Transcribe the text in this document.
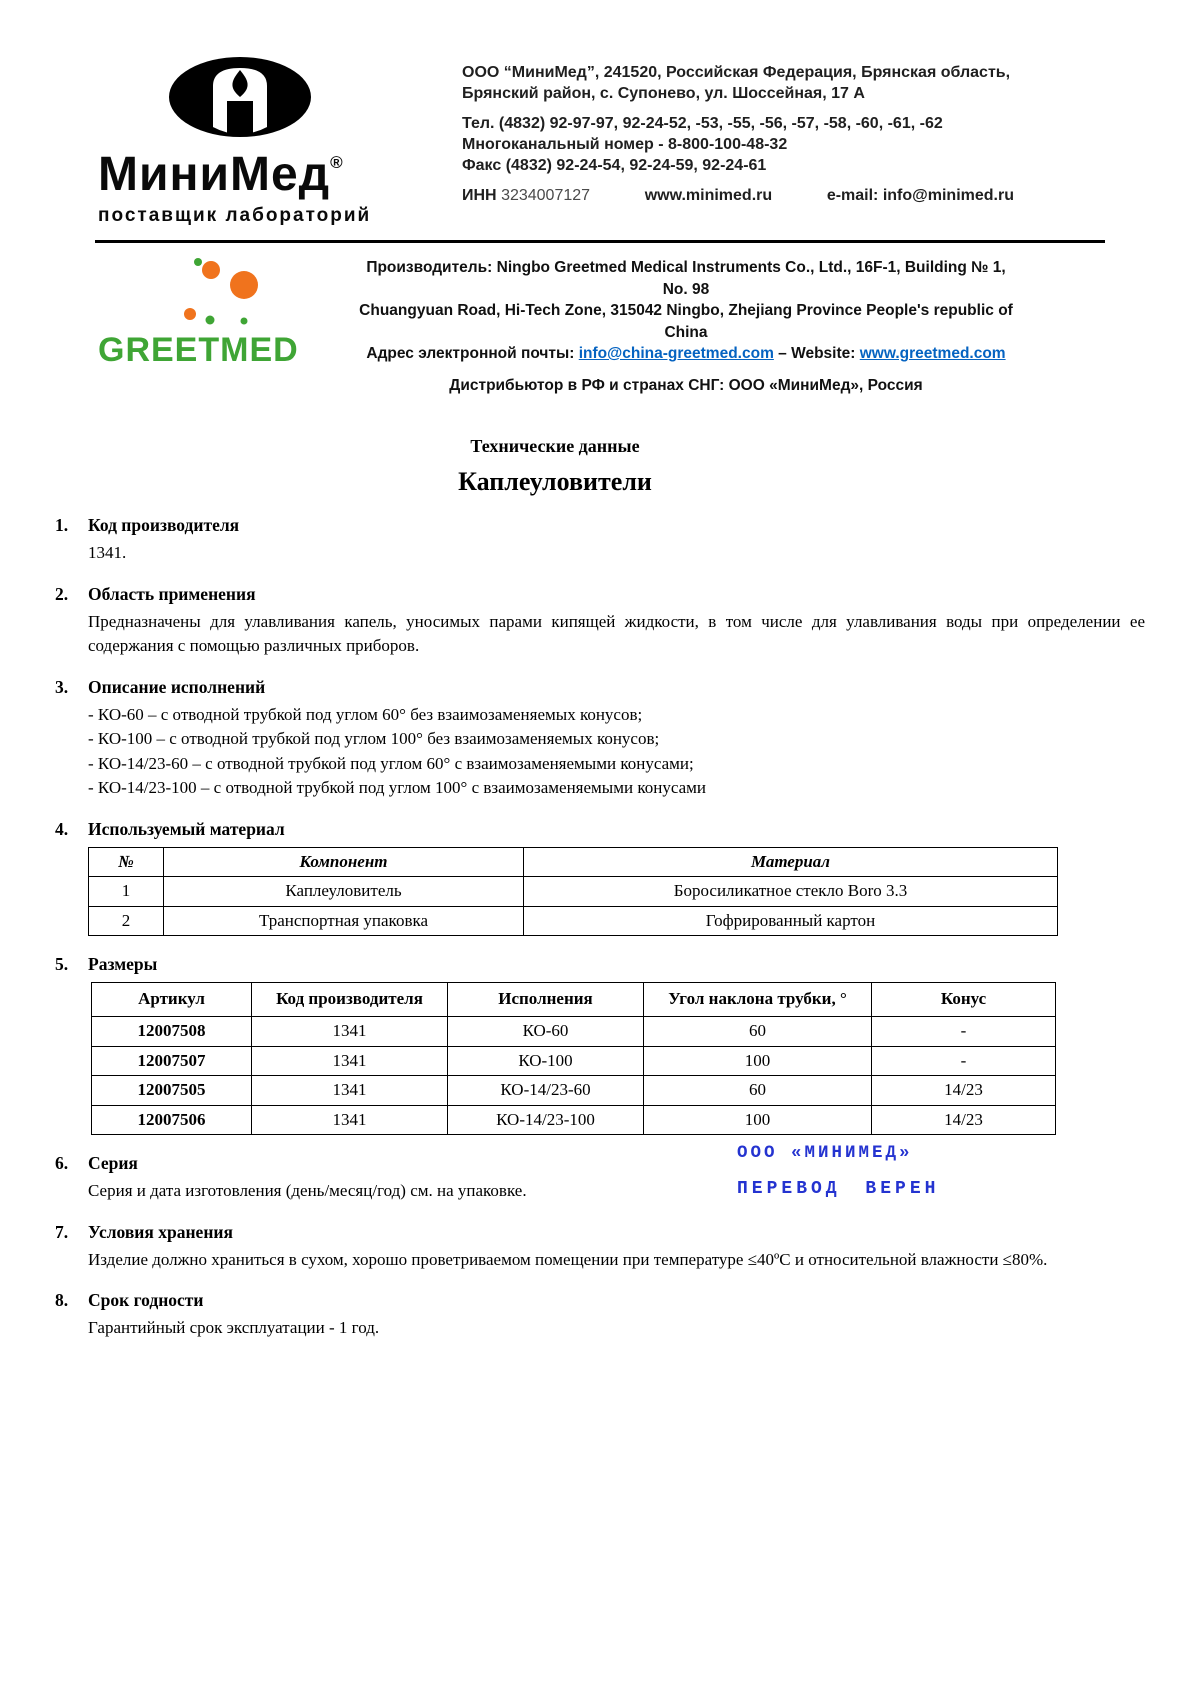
МиниМед®
поставщик лабораторий
ООО “МиниМед”, 241520, Российская Федерация, Брянская область,
Брянский район, с. Супонево, ул. Шоссейная, 17 А
Тел. (4832) 92-97-97, 92-24-52, -53, -55, -56, -57, -58, -60, -61, -62
Многоканальный номер - 8-800-100-48-32
Факс (4832) 92-24-54, 92-24-59, 92-24-61
ИНН 3234007127	www.minimed.ru	e-mail: info@minimed.ru
GREETMED
Производитель: Ningbo Greetmed Medical Instruments Co., Ltd., 16F-1, Building № 1, No. 98
Chuangyuan Road, Hi-Tech Zone, 315042 Ningbo, Zhejiang Province People's republic of China
Адрес электронной почты: info@china-greetmed.com – Website: www.greetmed.com
Дистрибьютор в РФ и странах СНГ: ООО «МиниМед», Россия
Технические данные
Каплеуловители
1.	Код производителя
1341.
2.	Область применения
Предназначены для улавливания капель, уносимых парами кипящей жидкости, в том числе для улавливания воды при определении ее содержания с помощью различных приборов.
3.	Описание исполнений
- КО-60 – с отводной трубкой под углом 60° без взаимозаменяемых конусов;
- КО-100 – с отводной трубкой под углом 100° без взаимозаменяемых конусов;
- КО-14/23-60 – с отводной трубкой под углом 60° с взаимозаменяемыми конусами;
- КО-14/23-100 – с отводной трубкой под углом 100° с взаимозаменяемыми конусами
4.	Используемый материал
№	Компонент	Материал
1	Каплеуловитель	Боросиликатное стекло Boro 3.3
2	Транспортная упаковка	Гофрированный картон
5.	Размеры
Артикул	Код производителя	Исполнения	Угол наклона трубки, °	Конус
12007508	1341	КО-60	60	-
12007507	1341	КО-100	100	-
12007505	1341	КО-14/23-60	60	14/23
12007506	1341	КО-14/23-100	100	14/23
6.	Серия
Серия и дата изготовления (день/месяц/год) см. на упаковке.
ООО «МИНИМЕД»
ПЕРЕВОД ВЕРЕН
7.	Условия хранения
Изделие должно храниться в сухом, хорошо проветриваемом помещении при температуре ≤40ºС и относительной влажности ≤80%.
8.	Срок годности
Гарантийный срок эксплуатации - 1 год.
